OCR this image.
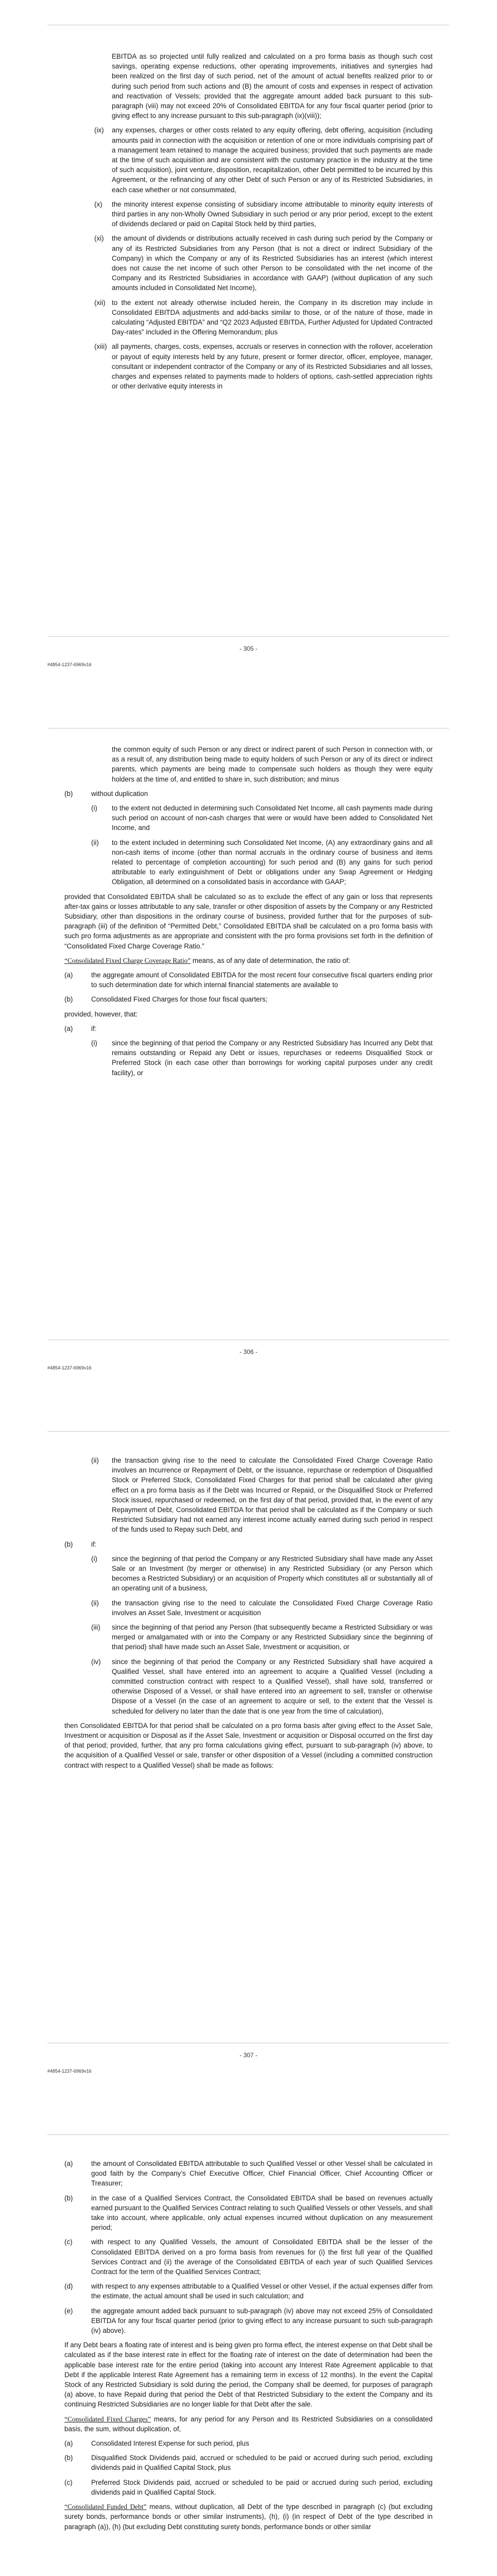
EBITDA as so projected until fully realized and calculated on a pro forma basis as though such cost savings, operating expense reductions, other operating improvements, initiatives and synergies had been realized on the first day of such period, net of the amount of actual benefits realized prior to or during such period from such actions and (B) the amount of costs and expenses in respect of activation and reactivation of Vessels; provided that the aggregate amount added back pursuant to this sub-paragraph (viii) may not exceed 20% of Consolidated EBITDA for any four fiscal quarter period (prior to giving effect to any increase pursuant to this sub-paragraph (ix)(viii));

(ix) any expenses, charges or other costs related to any equity offering, debt offering, acquisition (including amounts paid in connection with the acquisition or retention of one or more individuals comprising part of a management team retained to manage the acquired business; provided that such payments are made at the time of such acquisition and are consistent with the customary practice in the industry at the time of such acquisition), joint venture, disposition, recapitalization, other Debt permitted to be incurred by this Agreement, or the refinancing of any other Debt of such Person or any of its Restricted Subsidiaries, in each case whether or not consummated,
(x) the minority interest expense consisting of subsidiary income attributable to minority equity interests of third parties in any non-Wholly Owned Subsidiary in such period or any prior period, except to the extent of dividends declared or paid on Capital Stock held by third parties,
(xi) the amount of dividends or distributions actually received in cash during such period by the Company or any of its Restricted Subsidiaries from any Person (that is not a direct or indirect Subsidiary of the Company) in which the Company or any of its Restricted Subsidiaries has an interest (which interest does not cause the net income of such other Person to be consolidated with the net income of the Company and its Restricted Subsidiaries in accordance with GAAP) (without duplication of any such amounts included in Consolidated Net Income),
(xii) to the extent not already otherwise included herein, the Company in its discretion may include in Consolidated EBITDA adjustments and add-backs similar to those, or of the nature of those, made in calculating “Adjusted EBITDA” and “Q2 2023 Adjusted EBITDA, Further Adjusted for Updated Contracted Day-rates” included in the Offering Memorandum; plus
(xiii) all payments, charges, costs, expenses, accruals or reserves in connection with the rollover, acceleration or payout of equity interests held by any future, present or former director, officer, employee, manager, consultant or independent contractor of the Company or any of its Restricted Subsidiaries and all losses, charges and expenses related to payments made to holders of options, cash-settled appreciation rights or other derivative equity interests in
- 305 -
#4854-1237-6969v16

the common equity of such Person or any direct or indirect parent of such Person in connection with, or as a result of, any distribution being made to equity holders of such Person or any of its direct or indirect parents, which payments are being made to compensate such holders as though they were equity holders at the time of, and entitled to share in, such distribution; and minus

(b)	without duplication
(i) to the extent not deducted in determining such Consolidated Net Income, all cash payments made during such period on account of non-cash charges that were or would have been added to Consolidated Net Income, and
(ii) to the extent included in determining such Consolidated Net Income, (A) any extraordinary gains and all non-cash items of income (other than normal accruals in the ordinary course of business and items related to percentage of completion accounting) for such period and (B) any gains for such period attributable to early extinguishment of Debt or obligations under any Swap Agreement or Hedging Obligation, all determined on a consolidated basis in accordance with GAAP;

provided that Consolidated EBITDA shall be calculated so as to exclude the effect of any gain or loss that represents after-tax gains or losses attributable to any sale, transfer or other disposition of assets by the Company or any Restricted Subsidiary, other than dispositions in the ordinary course of business, provided further that for the purposes of sub-paragraph (iii) of the definition of “Permitted Debt,” Consolidated EBITDA shall be calculated on a pro forma basis with such pro forma adjustments as are appropriate and consistent with the pro forma provisions set forth in the definition of “Consolidated Fixed Charge Coverage Ratio.”

“Consolidated Fixed Charge Coverage Ratio” means, as of any date of determination, the ratio of:

(a)	the aggregate amount of Consolidated EBITDA for the most recent four consecutive fiscal quarters ending prior to such determination date for which internal financial statements are available to
(b)	Consolidated Fixed Charges for those four fiscal quarters;

provided, however, that:

(a)	if:
(i) since the beginning of that period the Company or any Restricted Subsidiary has Incurred any Debt that remains outstanding or Repaid any Debt or issues, repurchases or redeems Disqualified Stock or Preferred Stock (in each case other than borrowings for working capital purposes under any credit facility), or
- 306 -
#4854-1237-6969v16
(ii) the transaction giving rise to the need to calculate the Consolidated Fixed Charge Coverage Ratio involves an Incurrence or Repayment of Debt, or the issuance, repurchase or redemption of Disqualified Stock or Preferred Stock, Consolidated Fixed Charges for that period shall be calculated after giving effect on a pro forma basis as if the Debt was Incurred or Repaid, or the Disqualified Stock or Preferred Stock issued, repurchased or redeemed, on the first day of that period, provided that, in the event of any Repayment of Debt, Consolidated EBITDA for that period shall be calculated as if the Company or such Restricted Subsidiary had not earned any interest income actually earned during such period in respect of the funds used to Repay such Debt, and
(b)	if:
(i) since the beginning of that period the Company or any Restricted Subsidiary shall have made any Asset Sale or an Investment (by merger or otherwise) in any Restricted Subsidiary (or any Person which becomes a Restricted Subsidiary) or an acquisition of Property which constitutes all or substantially all of an operating unit of a business,
(ii) the transaction giving rise to the need to calculate the Consolidated Fixed Charge Coverage Ratio involves an Asset Sale, Investment or acquisition
(iii) since the beginning of that period any Person (that subsequently became a Restricted Subsidiary or was merged or amalgamated with or into the Company or any Restricted Subsidiary since the beginning of that period) shall have made such an Asset Sale, Investment or acquisition, or
(iv) since the beginning of that period the Company or any Restricted Subsidiary shall have acquired a Qualified Vessel, shall have entered into an agreement to acquire a Qualified Vessel (including a committed construction contract with respect to a Qualified Vessel), shall have sold, transferred or otherwise Disposed of a Vessel, or shall have entered into an agreement to sell, transfer or otherwise Dispose of a Vessel (in the case of an agreement to acquire or sell, to the extent that the Vessel is scheduled for delivery no later than the date that is one year from the time of calculation),

then Consolidated EBITDA for that period shall be calculated on a pro forma basis after giving effect to the Asset Sale, Investment or acquisition or Disposal as if the Asset Sale, Investment or acquisition or Disposal occurred on the first day of that period; provided, further, that any pro forma calculations giving effect, pursuant to sub-paragraph (iv) above, to the acquisition of a Qualified Vessel or sale, transfer or other disposition of a Vessel (including a committed construction contract with respect to a Qualified Vessel) shall be made as follows:

- 307 -
#4854-1237-6969v16
(a)	the amount of Consolidated EBITDA attributable to such Qualified Vessel or other Vessel shall be calculated in good faith by the Company’s Chief Executive Officer, Chief Financial Officer, Chief Accounting Officer or Treasurer;
(b)	in the case of a Qualified Services Contract, the Consolidated EBITDA shall be based on revenues actually earned pursuant to the Qualified Services Contract relating to such Qualified Vessels or other Vessels, and shall take into account, where applicable, only actual expenses incurred without duplication on any measurement period;
(c)	with respect to any Qualified Vessels, the amount of Consolidated EBITDA shall be the lesser of the Consolidated EBITDA derived on a pro forma basis from revenues for (i) the first full year of the Qualified Services Contract and (ii) the average of the Consolidated EBITDA of each year of such Qualified Services Contract for the term of the Qualified Services Contract;
(d)	with respect to any expenses attributable to a Qualified Vessel or other Vessel, if the actual expenses differ from the estimate, the actual amount shall be used in such calculation; and
(e)	the aggregate amount added back pursuant to sub-paragraph (iv) above may not exceed 25% of Consolidated EBITDA for any four fiscal quarter period (prior to giving effect to any increase pursuant to such sub-paragraph (iv) above).

If any Debt bears a floating rate of interest and is being given pro forma effect, the interest expense on that Debt shall be calculated as if the base interest rate in effect for the floating rate of interest on the date of determination had been the applicable base interest rate for the entire period (taking into account any Interest Rate Agreement applicable to that Debt if the applicable Interest Rate Agreement has a remaining term in excess of 12 months). In the event the Capital Stock of any Restricted Subsidiary is sold during the period, the Company shall be deemed, for purposes of paragraph (a) above, to have Repaid during that period the Debt of that Restricted Subsidiary to the extent the Company and its continuing Restricted Subsidiaries are no longer liable for that Debt after the sale.

“Consolidated Fixed Charges” means, for any period for any Person and its Restricted Subsidiaries on a consolidated basis, the sum, without duplication, of,

(a)	Consolidated Interest Expense for such period, plus
(b)	Disqualified Stock Dividends paid, accrued or scheduled to be paid or accrued during such period, excluding dividends paid in Qualified Capital Stock, plus
(c)	Preferred Stock Dividends paid, accrued or scheduled to be paid or accrued during such period, excluding dividends paid in Qualified Capital Stock.

“Consolidated Funded Debt” means, without duplication, all Debt of the type described in paragraph (c) (but excluding surety bonds, performance bonds or other similar instruments), (h), (i) (in respect of Debt of the type described in paragraph (a)), (h) (but excluding Debt constituting surety bonds, performance bonds or other similar
